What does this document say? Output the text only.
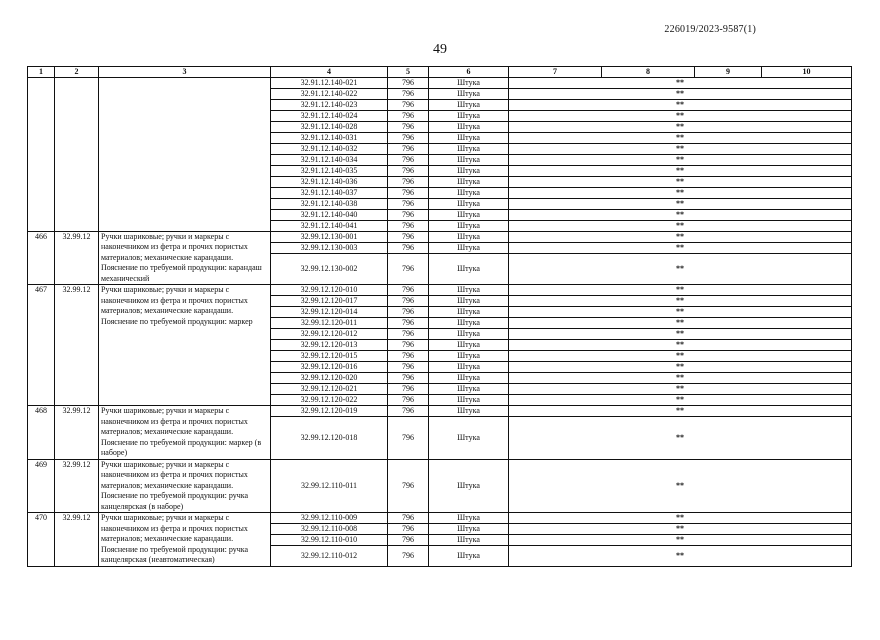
226019/2023-9587(1)
49
1	2	3	4	5	6	7	8	9	10	
			32.91.12.140-021	796	Штука	**				
			32.91.12.140-022	796	Штука	**				
			32.91.12.140-023	796	Штука	**				
			32.91.12.140-024	796	Штука	**				
			32.91.12.140-028	796	Штука	**				
			32.91.12.140-031	796	Штука	**				
			32.91.12.140-032	796	Штука	**				
			32.91.12.140-034	796	Штука	**				
			32.91.12.140-035	796	Штука	**				
			32.91.12.140-036	796	Штука	**				
			32.91.12.140-037	796	Штука	**				
			32.91.12.140-038	796	Штука	**				
			32.91.12.140-040	796	Штука	**				
			32.91.12.140-041	796	Штука	**				
466	32.99.12	Ручки шариковые; ручки и маркеры с наконечником из фетра и прочих пористых материалов; механические карандаши. Пояснение по требуемой продукции: карандаш механический	32.99.12.130-001	796	Штука	**				
			32.99.12.130-003	796	Штука	**				
			32.99.12.130-002	796	Штука	**				
467	32.99.12	Ручки шариковые; ручки и маркеры с наконечником из фетра и прочих пористых материалов; механические карандаши. Пояснение по требуемой продукции: маркер	32.99.12.120-010	796	Штука	**				
			32.99.12.120-017	796	Штука	**				
			32.99.12.120-014	796	Штука	**				
			32.99.12.120-011	796	Штука	**				
			32.99.12.120-012	796	Штука	**				
			32.99.12.120-013	796	Штука	**				
			32.99.12.120-015	796	Штука	**				
			32.99.12.120-016	796	Штука	**				
			32.99.12.120-020	796	Штука	**				
			32.99.12.120-021	796	Штука	**				
			32.99.12.120-022	796	Штука	**				
468	32.99.12	Ручки шариковые; ручки и маркеры с наконечником из фетра и прочих пористых материалов; механические карандаши. Пояснение по требуемой продукции: маркер (в наборе)	32.99.12.120-019	796	Штука	**				
			32.99.12.120-018	796	Штука	**				
469	32.99.12	Ручки шариковые; ручки и маркеры с наконечником из фетра и прочих пористых материалов; механические карандаши. Пояснение по требуемой продукции: ручка канцелярская (в наборе)	32.99.12.110-011	796	Штука	**				
470	32.99.12	Ручки шариковые; ручки и маркеры с наконечником из фетра и прочих пористых материалов; механические карандаши. Пояснение по требуемой продукции: ручка канцелярская (неавтоматическая)	32.99.12.110-009	796	Штука	**				
			32.99.12.110-008	796	Штука	**				
			32.99.12.110-010	796	Штука	**				
			32.99.12.110-012	796	Штука	**				
